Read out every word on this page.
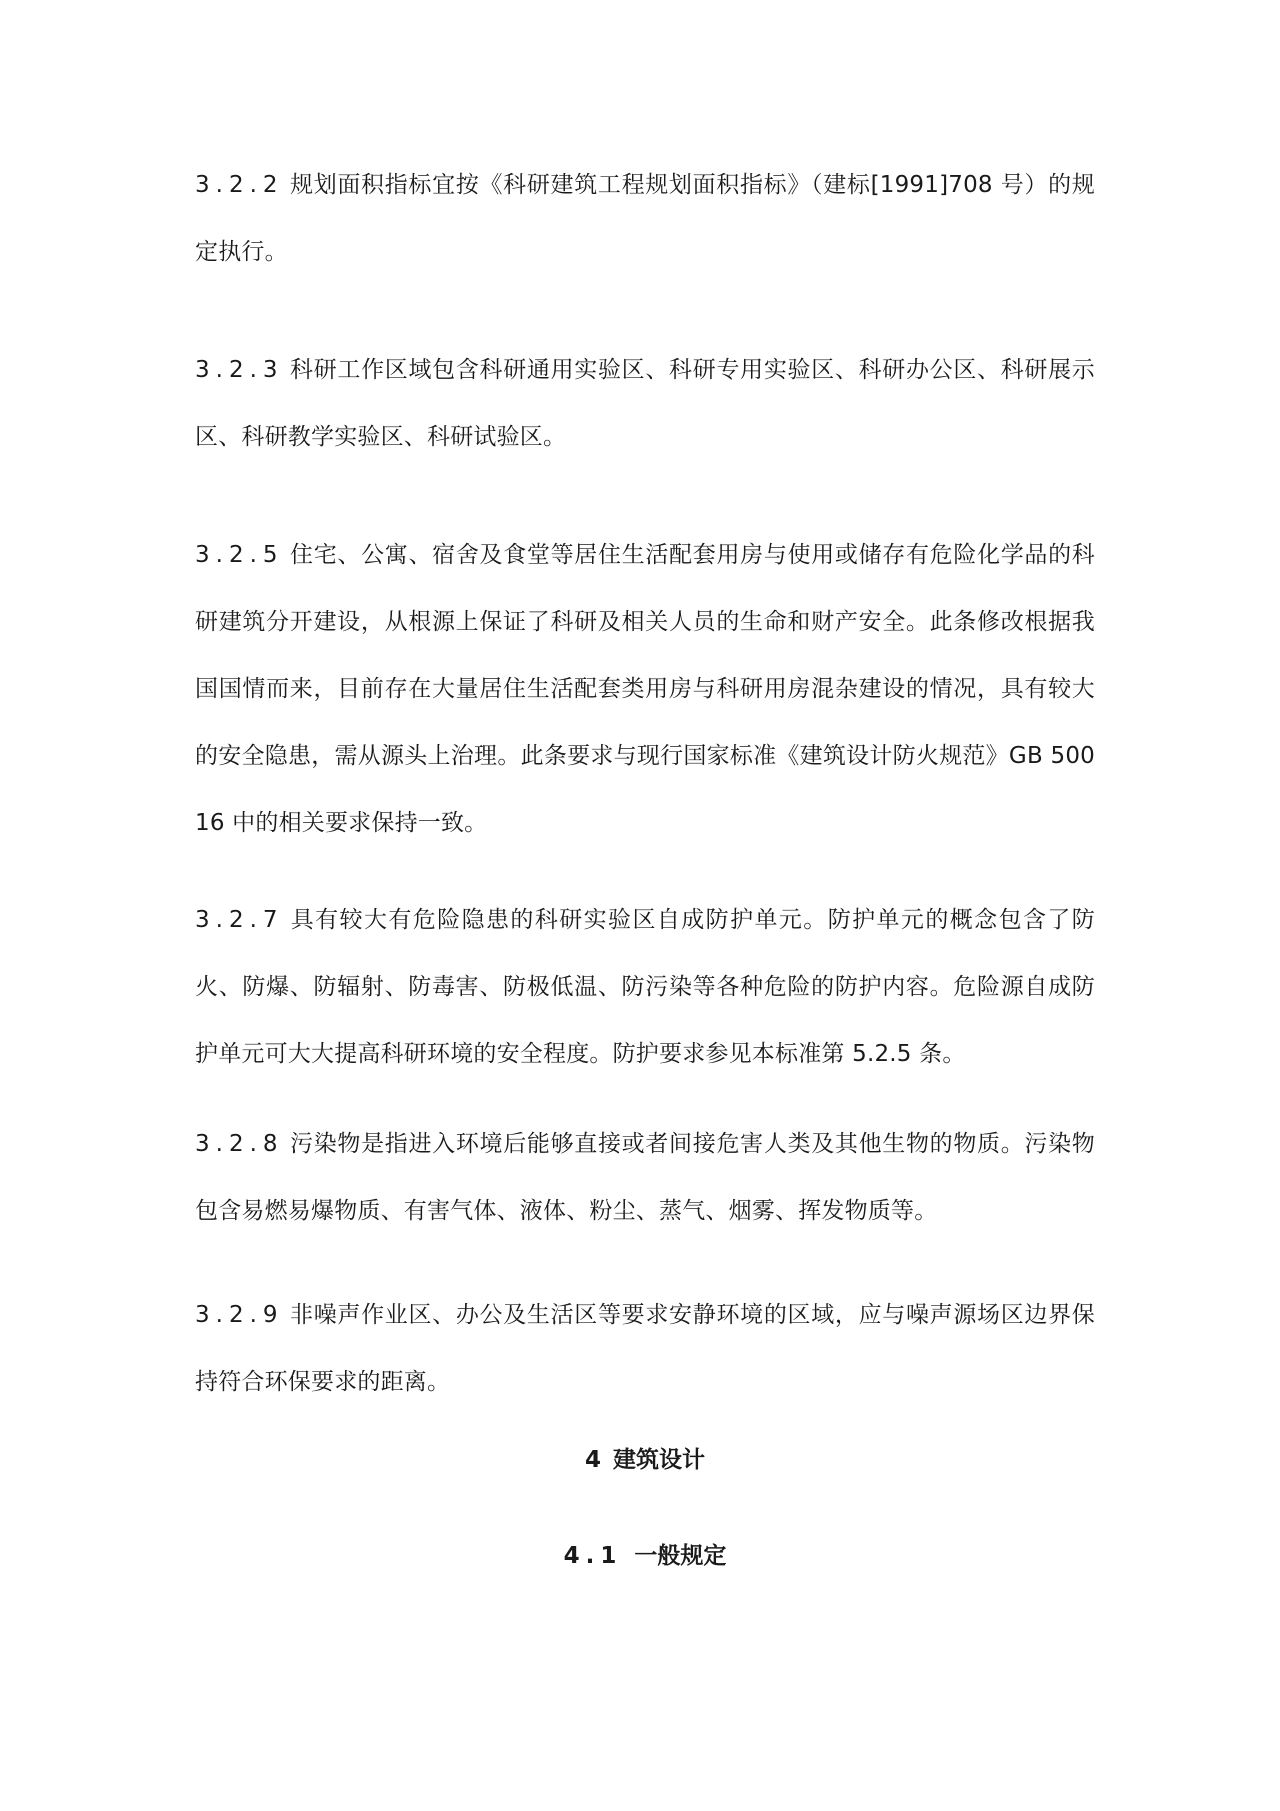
3.2.2 规划面积指标宜按《科研建筑工程规划面积指标》（建标[1991]708 号）的规定执行。

3.2.3 科研工作区域包含科研通用实验区、科研专用实验区、科研办公区、科研展示区、科研教学实验区、科研试验区。

3.2.5 住宅、公寓、宿舍及食堂等居住生活配套用房与使用或储存有危险化学品的科研建筑分开建设，从根源上保证了科研及相关人员的生命和财产安全。此条修改根据我国国情而来，目前存在大量居住生活配套类用房与科研用房混杂建设的情况，具有较大的安全隐患，需从源头上治理。此条要求与现行国家标准《建筑设计防火规范》GB 50016 中的相关要求保持一致。

3.2.7 具有较大有危险隐患的科研实验区自成防护单元。防护单元的概念包含了防火、防爆、防辐射、防毒害、防极低温、防污染等各种危险的防护内容。危险源自成防护单元可大大提高科研环境的安全程度。防护要求参见本标准第 5.2.5 条。

3.2.8 污染物是指进入环境后能够直接或者间接危害人类及其他生物的物质。污染物包含易燃易爆物质、有害气体、液体、粉尘、蒸气、烟雾、挥发物质等。

3.2.9 非噪声作业区、办公及生活区等要求安静环境的区域，应与噪声源场区边界保持符合环保要求的距离。

4 建筑设计
4.1 一般规定
